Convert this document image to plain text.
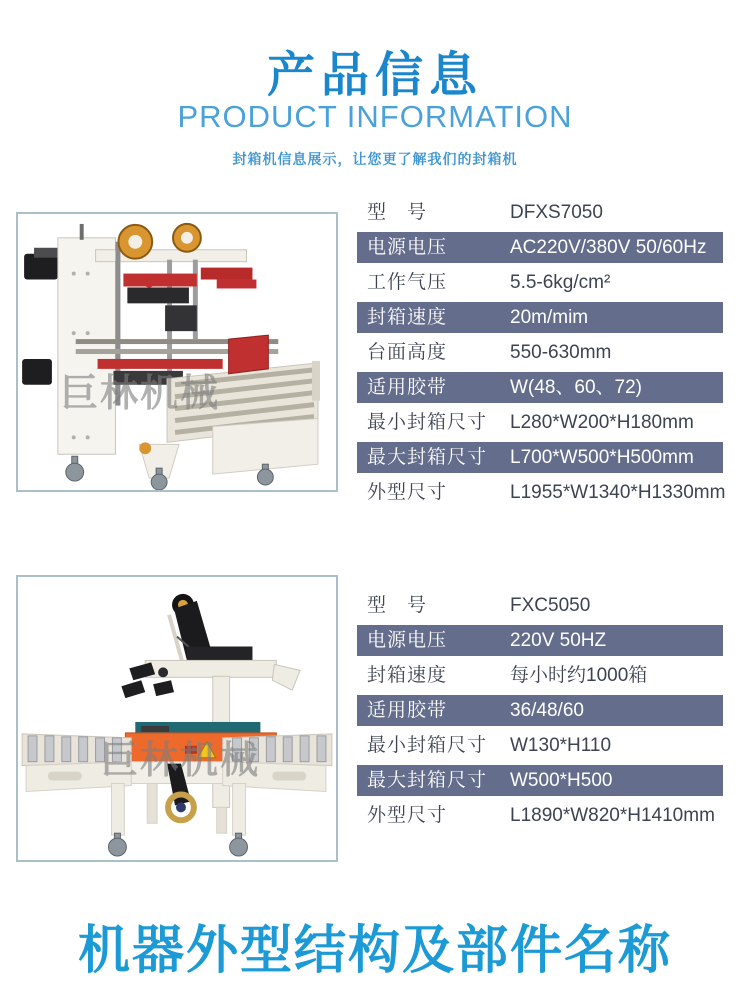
产品信息
PRODUCT INFORMATION
封箱机信息展示，让您更了解我们的封箱机
巨林机械
型　号	DFXS7050
电源电压	AC220V/380V 50/60Hz
工作气压	5.5-6kg/cm²
封箱速度	20m/mim
台面高度	550-630mm
适用胶带	W(48、60、72)
最小封箱尺寸 L280*W200*H180mm
最大封箱尺寸 L700*W500*H500mm
外型尺寸	L1955*W1340*H1330mm
巨林机械
型　号	FXC5050
电源电压	220V 50HZ
封箱速度	每小时约1000箱
适用胶带	36/48/60
最小封箱尺寸 W130*H110
最大封箱尺寸 W500*H500
外型尺寸	L1890*W820*H1410mm
机器外型结构及部件名称
